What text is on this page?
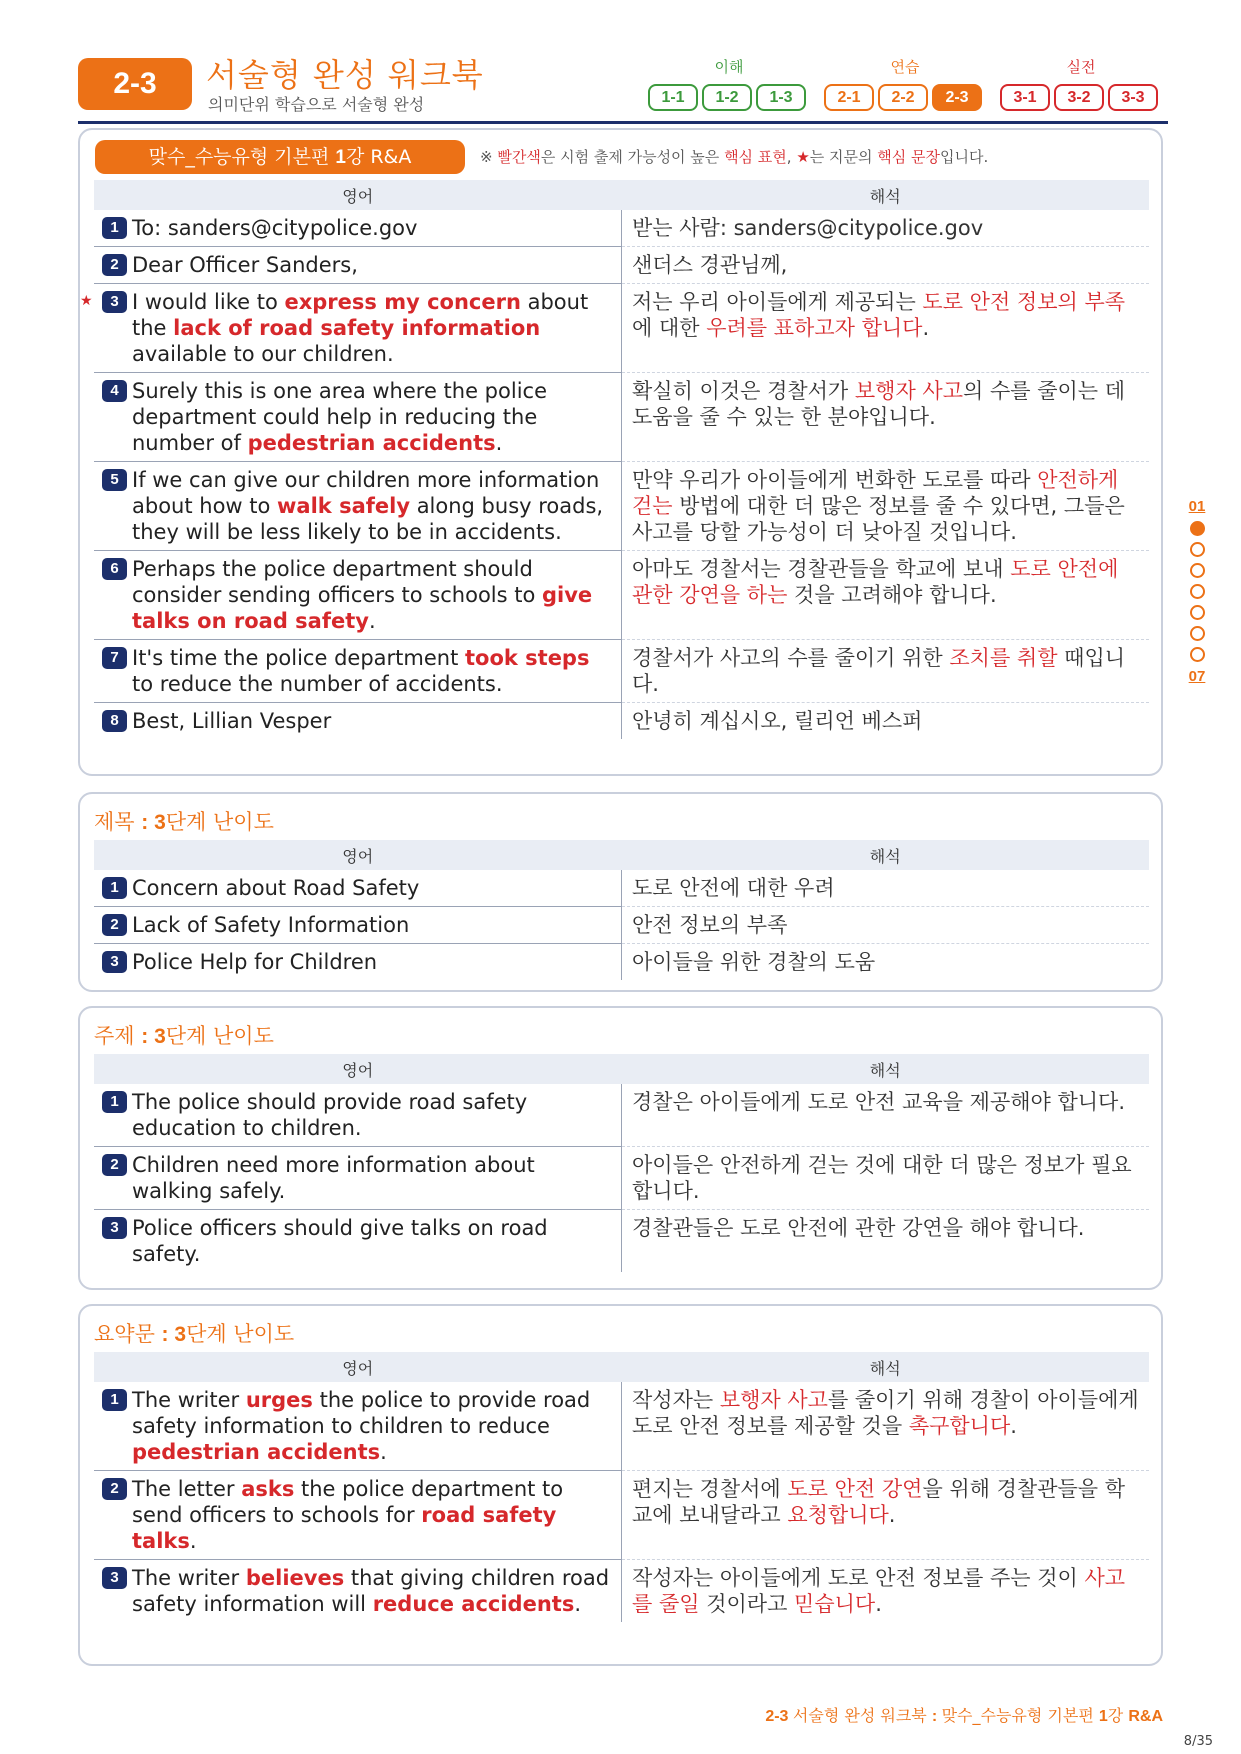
2-3	서술형 완성 워크북
의미단위 학습으로 서술형 완성
이해
1-1	1-2	1-3
연습
2-1	2-2	2-3
실전
3-1	3-2	3-3
맞수_수능유형 기본편 1강 R&A	※ 빨간색은 시험 출제 가능성이 높은 핵심 표현, ★는 지문의 핵심 문장입니다.
영어	해석

1 To: sanders@citypolice.gov	받는 사람: sanders@citypolice.gov

2 Dear Officer Sanders,	샌더스 경관님께,

★ 3 I would like to express my concern about the lack of road safety information available to our children.	저는 우리 아이들에게 제공되는 도로 안전 정보의 부족에 대한 우려를 표하고자 합니다.

4 Surely this is one area where the police department could help in reducing the number of pedestrian accidents.	확실히 이것은 경찰서가 보행자 사고의 수를 줄이는 데 도움을 줄 수 있는 한 분야입니다.

5 If we can give our children more information about how to walk safely along busy roads, they will be less likely to be in accidents.	만약 우리가 아이들에게 번화한 도로를 따라 안전하게 걷는 방법에 대한 더 많은 정보를 줄 수 있다면, 그들은 사고를 당할 가능성이 더 낮아질 것입니다.

6 Perhaps the police department should consider sending officers to schools to give talks on road safety.	아마도 경찰서는 경찰관들을 학교에 보내 도로 안전에 관한 강연을 하는 것을 고려해야 합니다.

7 It's time the police department took steps to reduce the number of accidents.	경찰서가 사고의 수를 줄이기 위한 조치를 취할 때입니다.

8 Best, Lillian Vesper	안녕히 계십시오, 릴리언 베스퍼
제목 : 3단계 난이도
영어	해석

1 Concern about Road Safety	도로 안전에 대한 우려

2 Lack of Safety Information	안전 정보의 부족

3 Police Help for Children	아이들을 위한 경찰의 도움
주제 : 3단계 난이도
영어	해석

1 The police should provide road safety education to children.	경찰은 아이들에게 도로 안전 교육을 제공해야 합니다.

2 Children need more information about walking safely.	아이들은 안전하게 걷는 것에 대한 더 많은 정보가 필요합니다.

3 Police officers should give talks on road safety.	경찰관들은 도로 안전에 관한 강연을 해야 합니다.
요약문 : 3단계 난이도
영어	해석

1 The writer urges the police to provide road safety information to children to reduce pedestrian accidents.	작성자는 보행자 사고를 줄이기 위해 경찰이 아이들에게 도로 안전 정보를 제공할 것을 촉구합니다.

2 The letter asks the police department to send officers to schools for road safety talks.	편지는 경찰서에 도로 안전 강연을 위해 경찰관들을 학교에 보내달라고 요청합니다.

3 The writer believes that giving children road safety information will reduce accidents.	작성자는 아이들에게 도로 안전 정보를 주는 것이 사고를 줄일 것이라고 믿습니다.
01
07
2-3 서술형 완성 워크북 : 맞수_수능유형 기본편 1강 R&A
8/35
